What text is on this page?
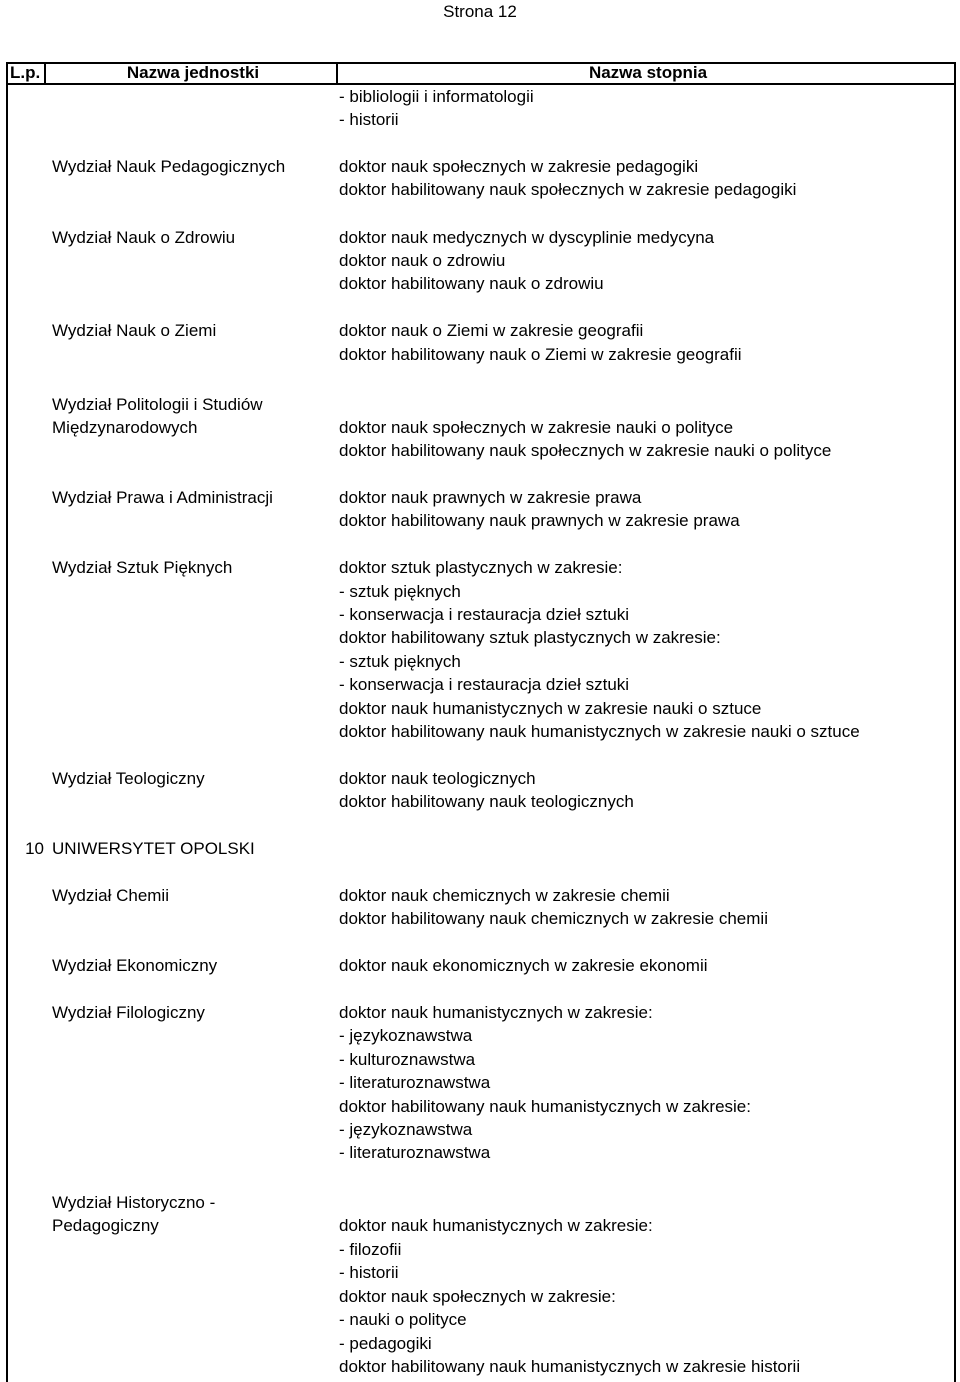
Strona 12
L.p.	Nazwa jednostki	Nazwa stopnia
- bibliologii i informatologii
- historii
Wydział Nauk Pedagogicznych	doktor nauk społecznych w zakresie pedagogiki
doktor habilitowany nauk społecznych w zakresie pedagogiki
Wydział Nauk o Zdrowiu	doktor nauk medycznych w dyscyplinie medycyna
doktor nauk o zdrowiu
doktor habilitowany nauk o zdrowiu
Wydział Nauk o Ziemi	doktor nauk o Ziemi w zakresie geografii
doktor habilitowany nauk o Ziemi w zakresie geografii
Wydział Politologii i Studiów
Międzynarodowych	doktor nauk społecznych w zakresie nauki o polityce
doktor habilitowany nauk społecznych w zakresie nauki o polityce
Wydział Prawa i Administracji	doktor nauk prawnych w zakresie prawa
doktor habilitowany nauk prawnych w zakresie prawa
Wydział Sztuk Pięknych	doktor sztuk plastycznych w zakresie:
- sztuk pięknych
- konserwacja i restauracja dzieł sztuki
doktor habilitowany sztuk plastycznych w zakresie:
- sztuk pięknych
- konserwacja i restauracja dzieł sztuki
doktor nauk humanistycznych w zakresie nauki o sztuce
doktor habilitowany nauk humanistycznych w zakresie nauki o sztuce
Wydział Teologiczny	doktor nauk teologicznych
doktor habilitowany nauk teologicznych
10 UNIWERSYTET OPOLSKI
Wydział Chemii	doktor nauk chemicznych w zakresie chemii
doktor habilitowany nauk chemicznych w zakresie chemii
Wydział Ekonomiczny	doktor nauk ekonomicznych w zakresie ekonomii
Wydział Filologiczny	doktor nauk humanistycznych w zakresie:
- językoznawstwa
- kulturoznawstwa
- literaturoznawstwa
doktor habilitowany nauk humanistycznych w zakresie:
- językoznawstwa
- literaturoznawstwa
Wydział Historyczno -
Pedagogiczny	doktor nauk humanistycznych w zakresie:
- filozofii
- historii
doktor nauk społecznych w zakresie:
- nauki o polityce
- pedagogiki
doktor habilitowany nauk humanistycznych w zakresie historii
